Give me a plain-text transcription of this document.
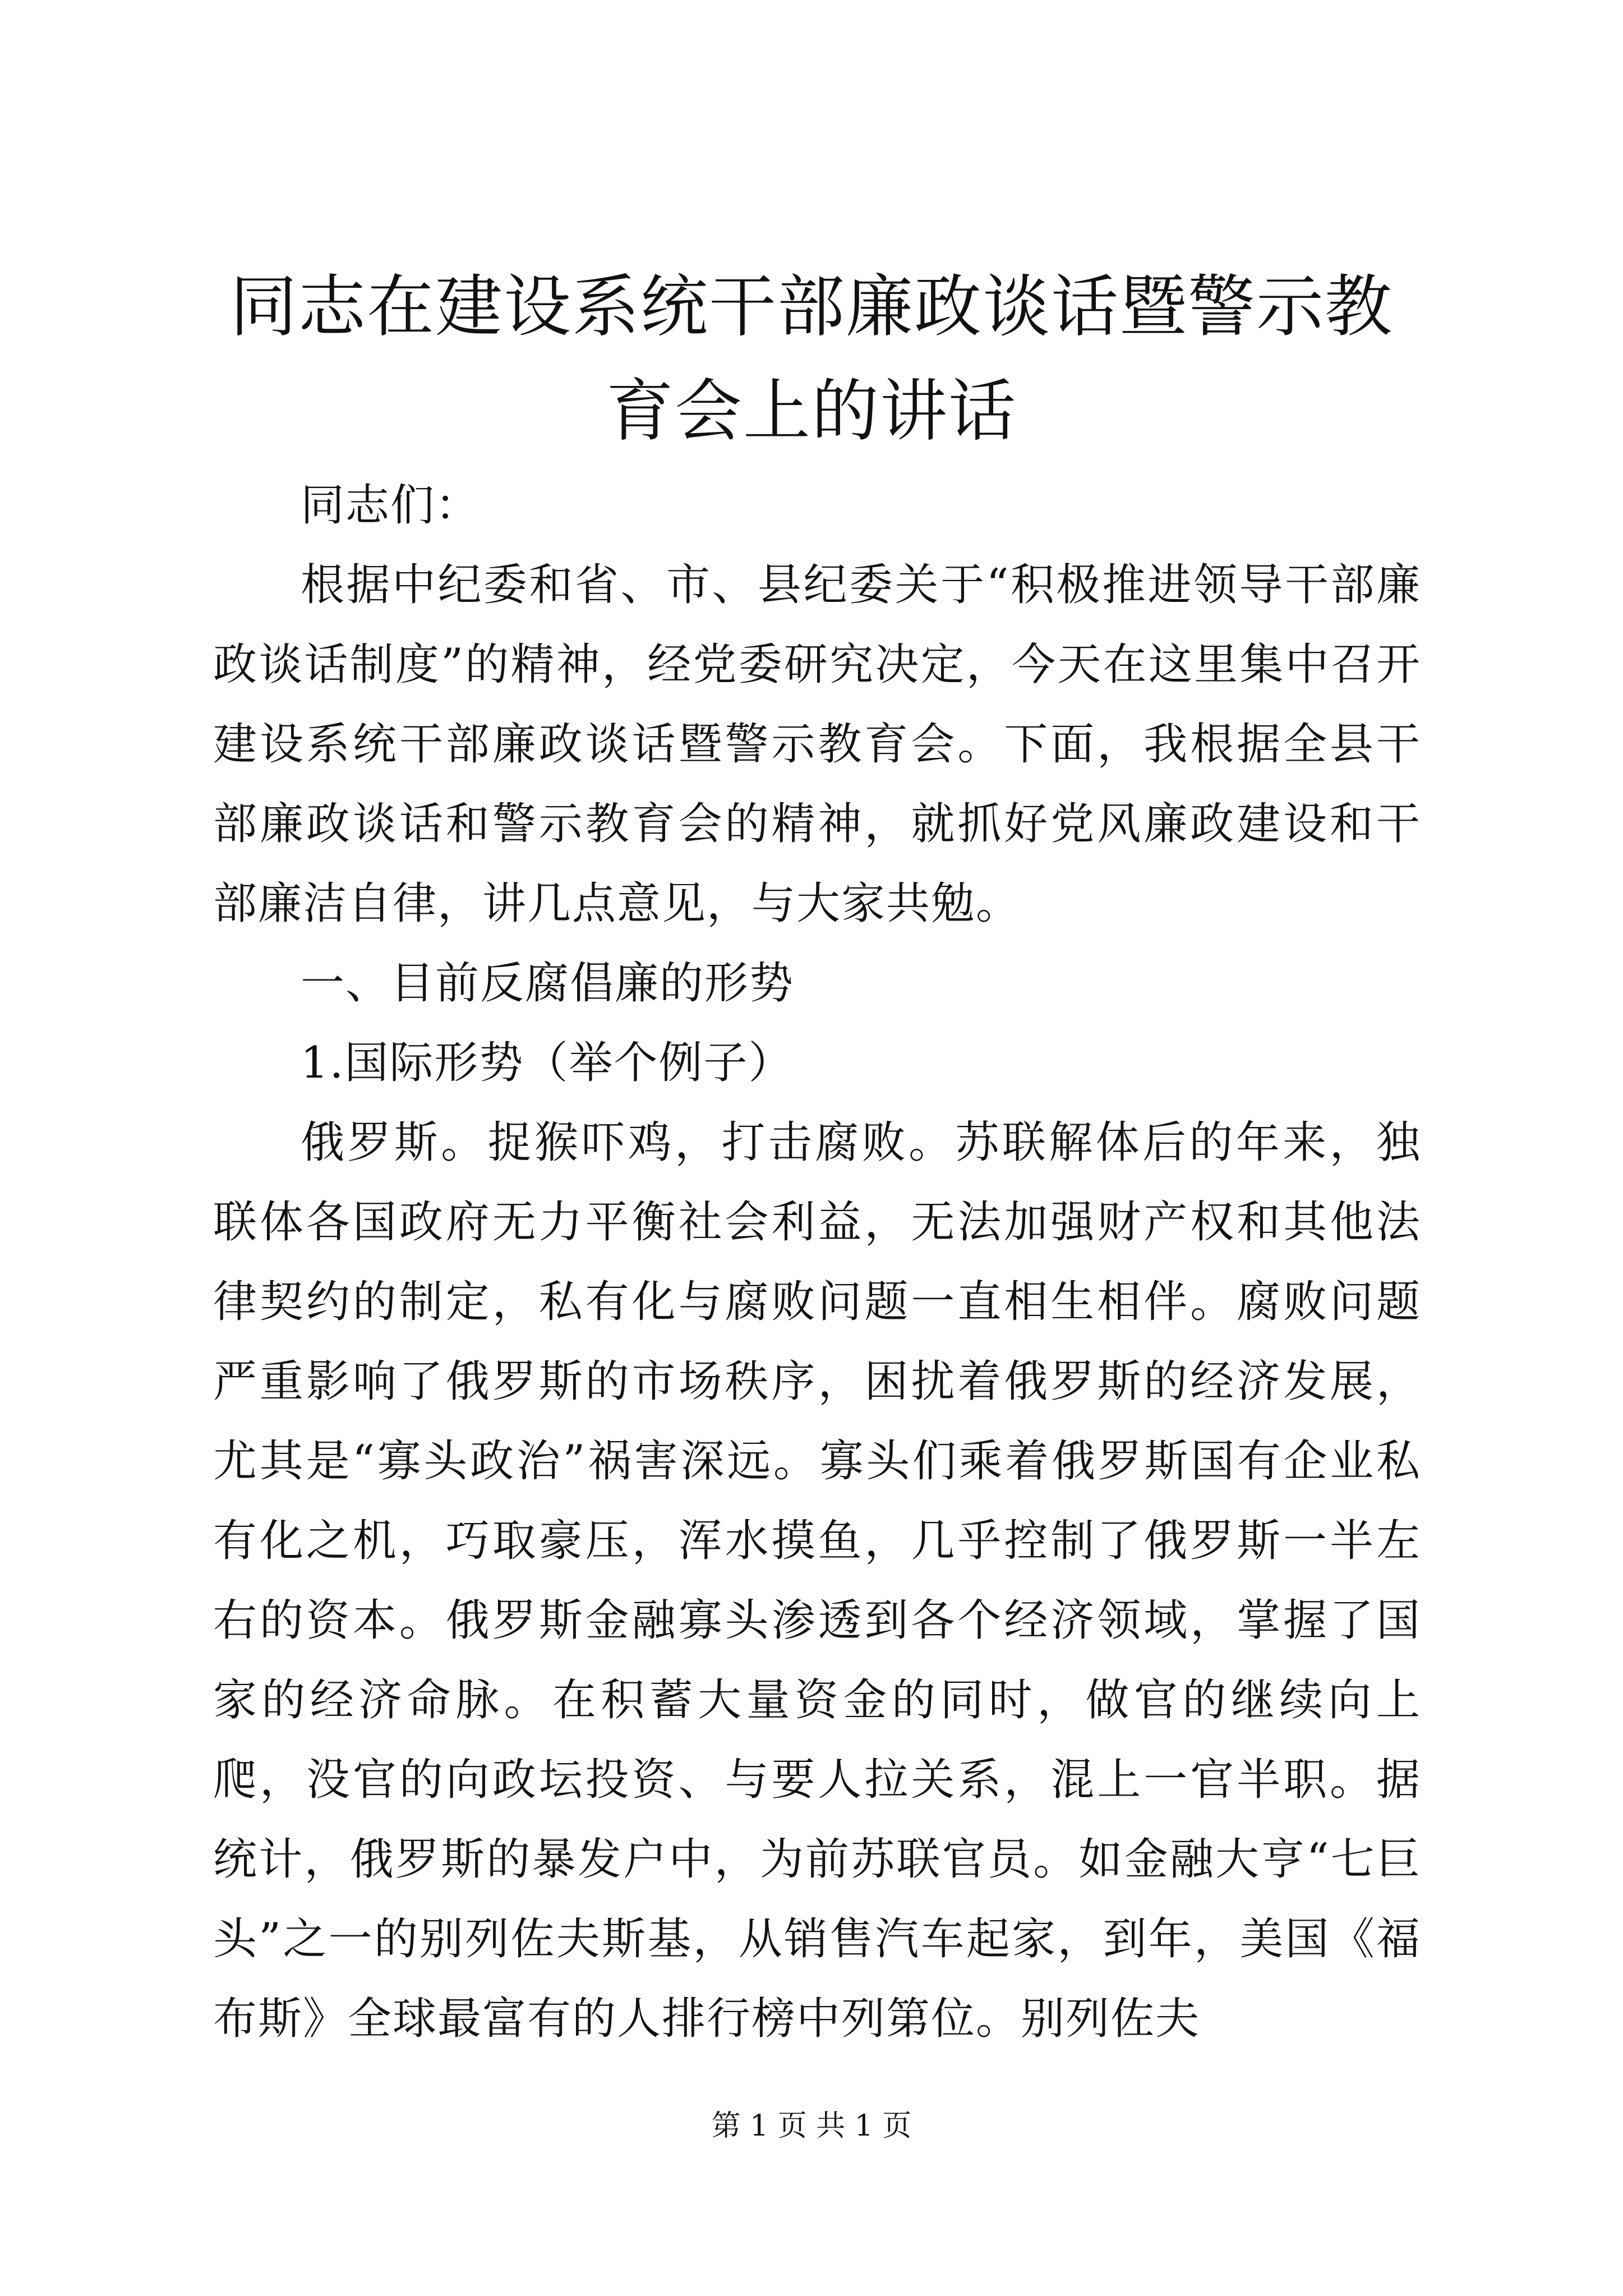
同志在建设系统干部廉政谈话暨警示教育会上的讲话

同志们：

根据中纪委和省、市、县纪委关于“积极推进领导干部廉政谈话制度”的精神，经党委研究决定，今天在这里集中召开建设系统干部廉政谈话暨警示教育会。下面，我根据全县干部廉政谈话和警示教育会的精神，就抓好党风廉政建设和干部廉洁自律，讲几点意见，与大家共勉。

一、目前反腐倡廉的形势

1.国际形势（举个例子）

俄罗斯。捉猴吓鸡，打击腐败。苏联解体后的年来，独联体各国政府无力平衡社会利益，无法加强财产权和其他法律契约的制定，私有化与腐败问题一直相生相伴。腐败问题严重影响了俄罗斯的市场秩序，困扰着俄罗斯的经济发展，尤其是“寡头政治”祸害深远。寡头们乘着俄罗斯国有企业私有化之机，巧取豪压，浑水摸鱼，几乎控制了俄罗斯一半左右的资本。俄罗斯金融寡头渗透到各个经济领域，掌握了国家的经济命脉。在积蓄大量资金的同时，做官的继续向上爬，没官的向政坛投资、与要人拉关系，混上一官半职。据统计，俄罗斯的暴发户中，为前苏联官员。如金融大亨“七巨头”之一的别列佐夫斯基，从销售汽车起家，到年，美国《福布斯》全球最富有的人排行榜中列第位。别列佐夫

第 1 页 共 1 页
